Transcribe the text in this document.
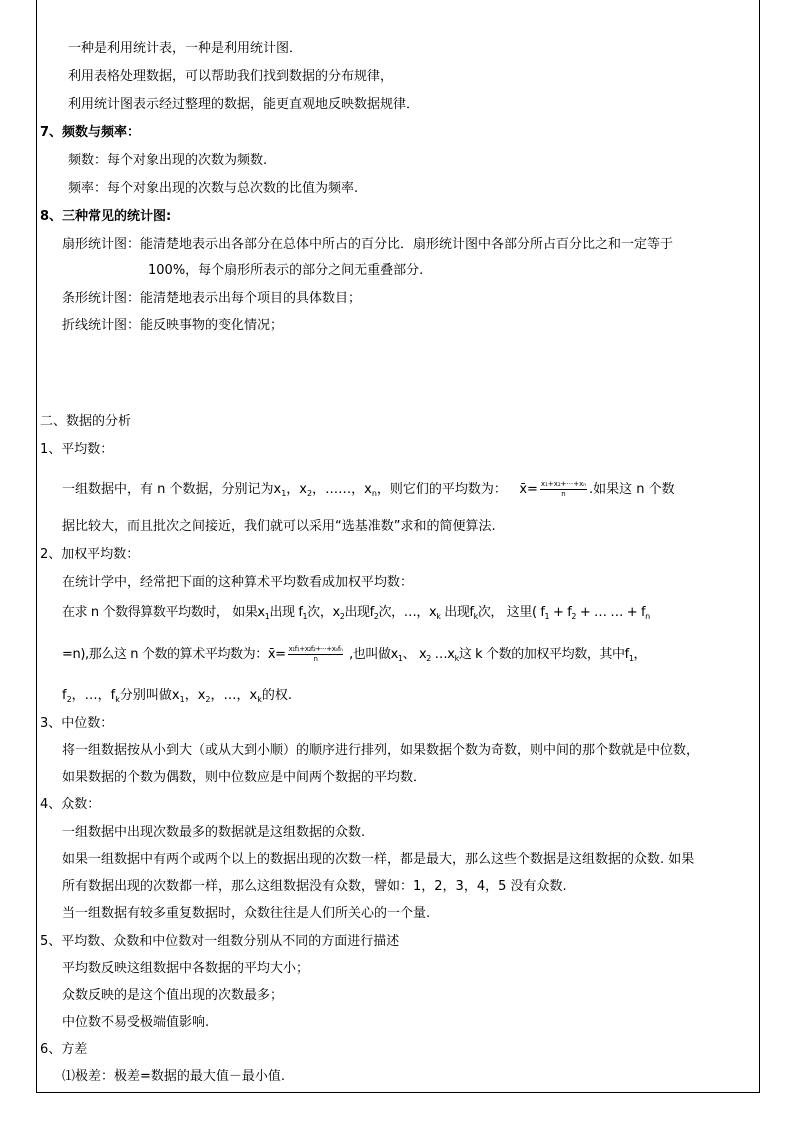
一种是利用统计表，一种是利用统计图．
利用表格处理数据，可以帮助我们找到数据的分布规律，
利用统计图表示经过整理的数据，能更直观地反映数据规律．
7、频数与频率：
频数：每个对象出现的次数为频数.
频率：每个对象出现的次数与总次数的比值为频率.
8、三种常见的统计图:
扇形统计图：能清楚地表示出各部分在总体中所占的百分比．扇形统计图中各部分所占百分比之和一定等于
100%，每个扇形所表示的部分之间无重叠部分.
条形统计图：能清楚地表示出每个项目的具体数目；
折线统计图：能反映事物的变化情况；
二、数据的分析
1、平均数：
一组数据中，有 n 个数据，分别记为$x_1$，$x_2$，……，$x_n$，则它们的平均数为： x̄= $\frac{\text{x₁+x₂+···+xₙ}}{n}$ .如果这 n 个数
据比较大，而且批次之间接近，我们就可以采用“选基准数”求和的简便算法.
2、加权平均数：
在统计学中，经常把下面的这种算术平均数看成加权平均数：
在求 n 个数得算数平均数时， 如果$x_1$出现 $f_1$次，$x_2$出现$f_2$次，…，$x_k$ 出现$f_k$次， 这里( $f_1 + f_2$ + … … + $f_n$
=n),那么这 n 个数的算术平均数为：x̄= $\frac{\text{x₁f₁+x₂f₂+···+xₙfₙ}}{n}$ ,也叫做$x_1$、 $x_2$ $\dots x_k$这 k 个数的加权平均数，其中$f_1$，
$f_2$，…，$f_k$分别叫做$x_1$，$x_2$，…，$x_k$的权.
3、中位数：
将一组数据按从小到大（或从大到小顺）的顺序进行排列，如果数据个数为奇数，则中间的那个数就是中位数，
如果数据的个数为偶数，则中位数应是中间两个数据的平均数．
4、众数：
一组数据中出现次数最多的数据就是这组数据的众数.
如果一组数据中有两个或两个以上的数据出现的次数一样，都是最大，那么这些个数据是这组数据的众数. 如果
所有数据出现的次数都一样，那么这组数据没有众数，譬如：1，2，3，4，5 没有众数.
当一组数据有较多重复数据时，众数往往是人们所关心的一个量.
5、平均数、众数和中位数对一组数分别从不同的方面进行描述
平均数反映这组数据中各数据的平均大小；
众数反映的是这个值出现的次数最多；
中位数不易受极端值影响.
6、方差
⑴极差：极差=数据的最大值－最小值.
